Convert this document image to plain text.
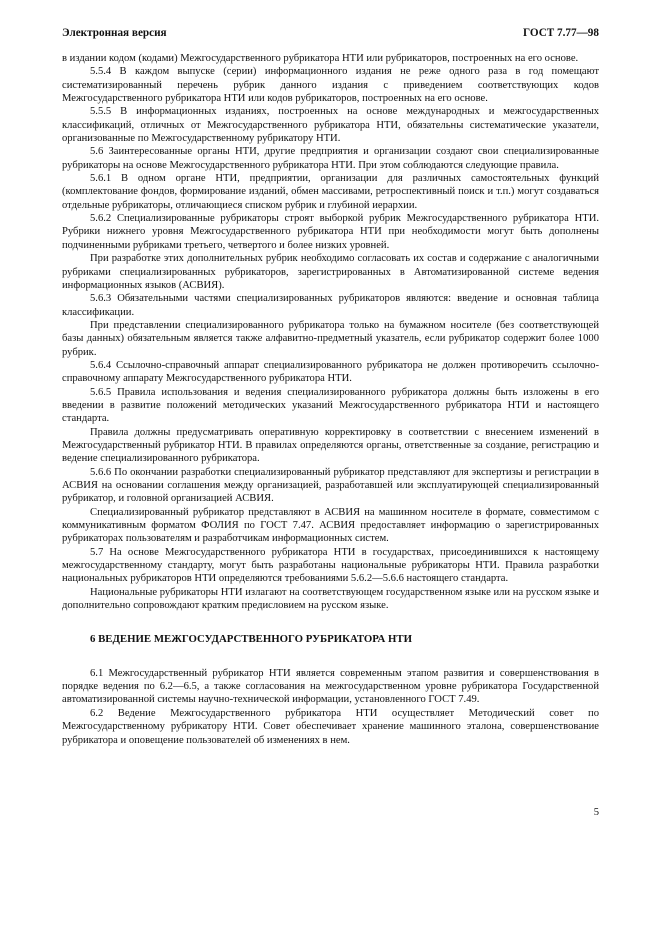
Электронная версия	ГОСТ 7.77—98

в издании кодом (кодами) Межгосударственного рубрикатора НТИ или рубрикаторов, построенных на его основе.

5.5.4 В каждом выпуске (серии) информационного издания не реже одного раза в год помещают систематизированный перечень рубрик данного издания с приведением соответствующих кодов Межгосударственного рубрикатора НТИ или кодов рубрикаторов, построенных на его основе.

5.5.5 В информационных изданиях, построенных на основе международных и межгосударственных классификаций, отличных от Межгосударственного рубрикатора НТИ, обязательны систематические указатели, организованные по Межгосударственному рубрикатору НТИ.

5.6 Заинтересованные органы НТИ, другие предприятия и организации создают свои специализированные рубрикаторы на основе Межгосударственного рубрикатора НТИ. При этом соблюдаются следующие правила.

5.6.1 В одном органе НТИ, предприятии, организации для различных самостоятельных функций (комплектование фондов, формирование изданий, обмен массивами, ретроспективный поиск и т.п.) могут создаваться отдельные рубрикаторы, отличающиеся списком рубрик и глубиной иерархии.

5.6.2 Специализированные рубрикаторы строят выборкой рубрик Межгосударственного рубрикатора НТИ. Рубрики нижнего уровня Межгосударственного рубрикатора НТИ при необходимости могут быть дополнены подчиненными рубриками третьего, четвертого и более низких уровней.

При разработке этих дополнительных рубрик необходимо согласовать их состав и содержание с аналогичными рубриками специализированных рубрикаторов, зарегистрированных в Автоматизированной системе ведения информационных языков (АСВИЯ).

5.6.3 Обязательными частями специализированных рубрикаторов являются: введение и основная таблица классификации.

При представлении специализированного рубрикатора только на бумажном носителе (без соответствующей базы данных) обязательным является также алфавитно-предметный указатель, если рубрикатор содержит более 1000 рубрик.

5.6.4 Ссылочно-справочный аппарат специализированного рубрикатора не должен противоречить ссылочно-справочному аппарату Межгосударственного рубрикатора НТИ.

5.6.5 Правила использования и ведения специализированного рубрикатора должны быть изложены в его введении в развитие положений методических указаний Межгосударственного рубрикатора НТИ и настоящего стандарта.

Правила должны предусматривать оперативную корректировку в соответствии с внесением изменений в Межгосударственный рубрикатор НТИ. В правилах определяются органы, ответственные за создание, регистрацию и ведение специализированного рубрикатора.

5.6.6 По окончании разработки специализированный рубрикатор представляют для экспертизы и регистрации в АСВИЯ на основании соглашения между организацией, разработавшей или эксплуатирующей специализированный рубрикатор, и головной организацией АСВИЯ.

Специализированный рубрикатор представляют в АСВИЯ на машинном носителе в формате, совместимом с коммуникативным форматом ФОЛИЯ по ГОСТ 7.47. АСВИЯ предоставляет информацию о зарегистрированных рубрикаторах пользователям и разработчикам информационных систем.

5.7 На основе Межгосударственного рубрикатора НТИ в государствах, присоединившихся к настоящему межгосударственному стандарту, могут быть разработаны национальные рубрикаторы НТИ. Правила разработки национальных рубрикаторов НТИ определяются требованиями 5.6.2—5.6.6 настоящего стандарта.

Национальные рубрикаторы НТИ излагают на соответствующем государственном языке или на русском языке и дополнительно сопровождают кратким предисловием на русском языке.

6 ВЕДЕНИЕ МЕЖГОСУДАРСТВЕННОГО РУБРИКАТОРА НТИ

6.1 Межгосударственный рубрикатор НТИ является современным этапом развития и совершенствования в порядке ведения по 6.2—6.5, а также согласования на межгосударственном уровне рубрикатора Государственной автоматизированной системы научно-технической информации, установленного ГОСТ 7.49.

6.2 Ведение Межгосударственного рубрикатора НТИ осуществляет Методический совет по Межгосударственному рубрикатору НТИ. Совет обеспечивает хранение машинного эталона, совершенствование рубрикатора и оповещение пользователей об изменениях в нем.

5
